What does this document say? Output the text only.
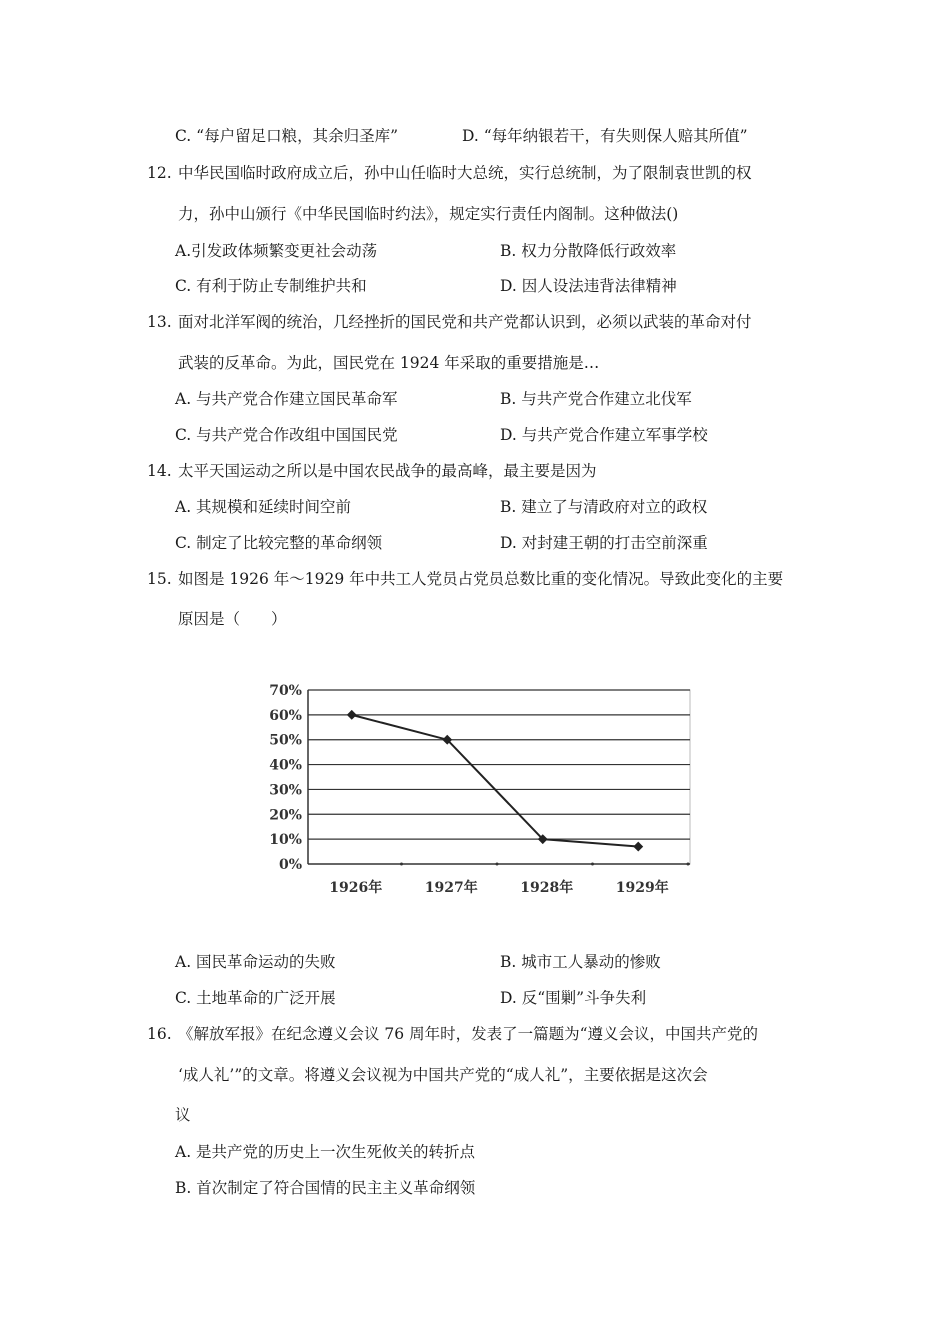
C. “每户留足口粮，其余归圣库”	D. “每年纳银若干，有失则保人赔其所值”
12. 中华民国临时政府成立后，孙中山任临时大总统，实行总统制，为了限制袁世凯的权
力，孙中山颁行《中华民国临时约法》，规定实行责任内阁制。这种做法()
A.引发政体频繁变更社会动荡	B. 权力分散降低行政效率
C. 有利于防止专制维护共和	D. 因人设法违背法律精神
13. 面对北洋军阀的统治，几经挫折的国民党和共产党都认识到，必须以武装的革命对付
武装的反革命。为此，国民党在 1924 年采取的重要措施是…
A. 与共产党合作建立国民革命军	B. 与共产党合作建立北伐军
C. 与共产党合作改组中国国民党	D. 与共产党合作建立军事学校
14. 太平天国运动之所以是中国农民战争的最高峰，最主要是因为
A. 其规模和延续时间空前	B. 建立了与清政府对立的政权
C. 制定了比较完整的革命纲领	D. 对封建王朝的打击空前深重
15. 如图是 1926 年～1929 年中共工人党员占党员总数比重的变化情况。导致此变化的主要
原因是（　　）
0%
10%
20%
30%
40%
50%
60%
70%
1926年	1927年	1928年	1929年
A. 国民革命运动的失败	B. 城市工人暴动的惨败
C. 土地革命的广泛开展	D. 反“围剿”斗争失利
16. 《解放军报》在纪念遵义会议 76 周年时，发表了一篇题为“遵义会议，中国共产党的
‘成人礼’”的文章。将遵义会议视为中国共产党的“成人礼”，主要依据是这次会
议
A. 是共产党的历史上一次生死攸关的转折点
B. 首次制定了符合国情的民主主义革命纲领
